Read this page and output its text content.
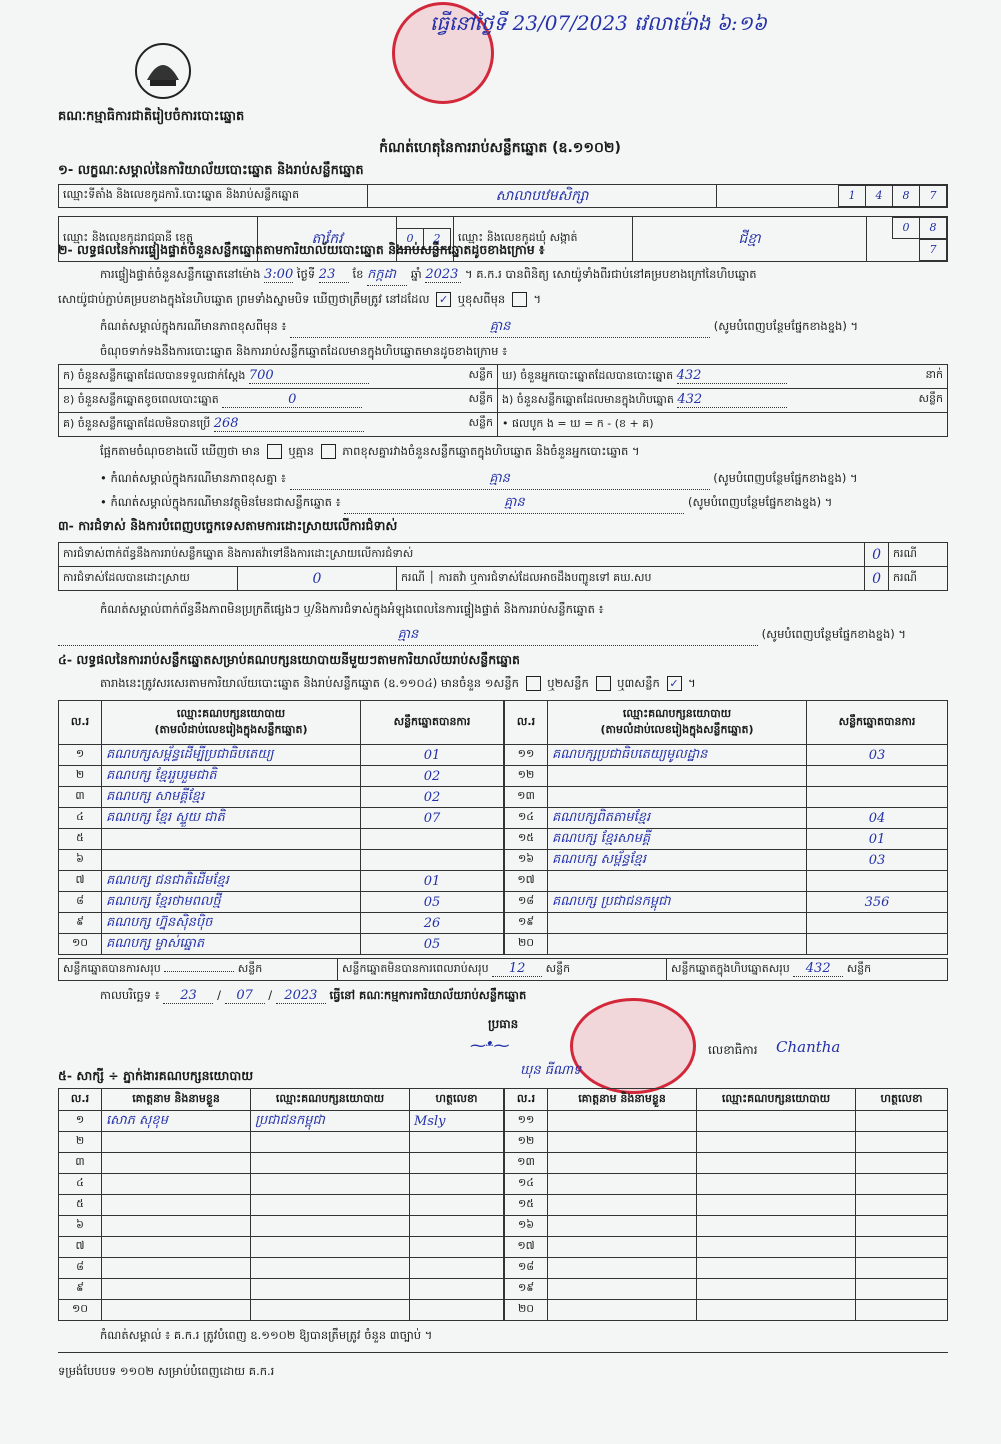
ធ្វើនៅថ្ងៃទី 23/07/2023 វេលាម៉ោង ៦:១៦
គណៈកម្មាធិការជាតិរៀបចំការបោះឆ្នោត
កំណត់ហេតុនៃការរាប់សន្លឹកឆ្នោត (ឧ.១១០២)
១- លក្ខណៈសម្គាល់នៃការិយាល័យបោះឆ្នោត និងរាប់សន្លឹកឆ្នោត
ឈ្មោះទីតាំង និងលេខកូដការិ.បោះឆ្នោត និងរាប់សន្លឹកឆ្នោត	សាលាបឋមសិក្សា	1 4 8 7
ឈ្មោះ និងលេខកូដរាជធានី ខេត្ត	តាកែវ	0 2	ឈ្មោះ និងលេខកូដឃុំ សង្កាត់	ជីខ្មា	0 87
២- លទ្ធផលនៃការផ្ទៀងផ្ទាត់ចំនួនសន្លឹកឆ្នោតតាមការិយាល័យបោះឆ្នោត និងរាប់សន្លឹកឆ្នោតដូចខាងក្រោម ៖
ការផ្ទៀងផ្ទាត់ចំនួនសន្លឹកឆ្នោតនៅម៉ោង 3:00 ថ្ងៃទី 23 ខែ កក្កដា ឆ្នាំ 2023 ។ គ.ក.រ បានពិនិត្យ សោយ៉ូទាំងពីរជាប់នៅគម្របខាងក្រៅនៃហិបឆ្នោត
សោយ៉ូជាប់ភ្ជាប់គម្របខាងក្នុងនៃហិបឆ្នោត ព្រមទាំងស្នាមបិទ ឃើញថាត្រឹមត្រូវ នៅដដែល ✓ ឬខុសពីមុន  ។
កំណត់សម្គាល់ក្នុងករណីមានភាពខុសពីមុន ៖	គ្មាន	(សូមបំពេញបន្ថែមផ្នែកខាងខ្នង) ។
ចំណុចទាក់ទងនឹងការបោះឆ្នោត និងការរាប់សន្លឹកឆ្នោតដែលមានក្នុងហិបឆ្នោតមានដូចខាងក្រោម ៖
ក) ចំនួនសន្លឹកឆ្នោតដែលបានទទួលជាក់ស្តែង 700 សន្លឹក	ឃ) ចំនួនអ្នកបោះឆ្នោតដែលបានបោះឆ្នោត 432 នាក់

ខ) ចំនួនសន្លឹកឆ្នោតខូចពេលបោះឆ្នោត 0 សន្លឹក	ង) ចំនួនសន្លឹកឆ្នោតដែលមានក្នុងហិបឆ្នោត 432 សន្លឹក

គ) ចំនួនសន្លឹកឆ្នោតដែលមិនបានប្រើ 268 សន្លឹក	• ផលបូក ង = ឃ = ក - (ខ + គ)
ផ្អែកតាមចំណុចខាងលើ ឃើញថា មាន ឬគ្មាន ភាពខុសគ្នារវាងចំនួនសន្លឹកឆ្នោតក្នុងហិបឆ្នោត និងចំនួនអ្នកបោះឆ្នោត ។
• កំណត់សម្គាល់ក្នុងករណីមានភាពខុសគ្នា ៖	គ្មាន	(សូមបំពេញបន្ថែមផ្នែកខាងខ្នង) ។
• កំណត់សម្គាល់ក្នុងករណីមានវត្ថុមិនមែនជាសន្លឹកឆ្នោត ៖	គ្មាន	(សូមបំពេញបន្ថែមផ្នែកខាងខ្នង) ។
៣- ការជំទាស់ និងការបំពេញបច្ចេកទេសតាមការដោះស្រាយលើការជំទាស់
ការជំទាស់ពាក់ព័ន្ធនឹងការរាប់សន្លឹកឆ្នោត និងការតវ៉ាទៅនឹងការដោះស្រាយលើការជំទាស់			0	ករណី
ការជំទាស់ដែលបានដោះស្រាយ	0	ករណី │ ការតវ៉ា ឬការជំទាស់ដែលអាចដឹងបញ្ជូនទៅ គឃ.សប	0	ករណី
កំណត់សម្គាល់ពាក់ព័ន្ធនឹងភាពមិនប្រក្រតីផ្សេងៗ ឬ/និងការជំទាស់ក្នុងអំឡុងពេលនៃការផ្ទៀងផ្ទាត់ និងការរាប់សន្លឹកឆ្នោត ៖
គ្មាន	(សូមបំពេញបន្ថែមផ្នែកខាងខ្នង) ។
៤- លទ្ធផលនៃការរាប់សន្លឹកឆ្នោតសម្រាប់គណបក្សនយោបាយនីមួយៗតាមការិយាល័យរាប់សន្លឹកឆ្នោត
តារាងនេះត្រូវសរសេរតាមការិយាល័យបោះឆ្នោត និងរាប់សន្លឹកឆ្នោត (ឧ.១១០៤) មានចំនួន ១សន្លឹក ឬ២សន្លឹក ឬ៣សន្លឹក ✓ ។
ល.រ	ឈ្មោះគណបក្សនយោបាយ
(តាមលំដាប់លេខរៀងក្នុងសន្លឹកឆ្នោត)	សន្លឹកឆ្នោតបានការ
១	គណបក្សសម្ព័ន្ធដើម្បីប្រជាធិបតេយ្យ	01
២	គណបក្ស ខ្មែររួបរួមជាតិ	02
៣	គណបក្ស សាមគ្គីខ្មែរ	02
៤	គណបក្ស ខ្មែរ ស្ទួយ ជាតិ	07
៥		
៦		
៧	គណបក្ស ជនជាតិដើមខ្មែរ	01
៨	គណបក្ស ខ្មែរថាមពលថ្មី	05
៩	គណបក្ស ហ្វ៊ុនស៊ិនប៉ិច	26
១០	គណបក្ស ម្ចាស់ឆ្នោត	05
ល.រ	ឈ្មោះគណបក្សនយោបាយ
(តាមលំដាប់លេខរៀងក្នុងសន្លឹកឆ្នោត)	សន្លឹកឆ្នោតបានការ
១១	គណបក្សប្រជាធិបតេយ្យមូលដ្ឋាន	03
១២		
១៣		
១៤	គណបក្សពិតតាមខ្មែរ	04
១៥	គណបក្ស ខ្មែរសាមគ្គី	01
១៦	គណបក្ស សម្ព័ន្ធខ្មែរ	03
១៧		
១៨	គណបក្ស ប្រជាជនកម្ពុជា	356
១៩		
២០		
សន្លឹកឆ្នោតបានការសរុប	សន្លឹក	សន្លឹកឆ្នោតមិនបានការពេលរាប់សរុប 12 សន្លឹក	សន្លឹកឆ្នោតក្នុងហិបឆ្នោតសរុប 432 សន្លឹក
កាលបរិច្ឆេទ ៖ 23 / 07 / 2023 ធ្វើនៅ គណៈកម្មការការិយាល័យរាប់សន្លឹកឆ្នោត
ប្រធាន
⁓ᵜ⁓
ឃុន ធីណាទ
លេខាធិការ Chantha
៥- សាក្សី ÷ ភ្នាក់ងារគណបក្សនយោបាយ
ល.រ	គោត្តនាម និងនាមខ្លួន	ឈ្មោះគណបក្សនយោបាយ	ហត្ថលេខា
១	សោភ សុខុម	ប្រជាជនកម្ពុជា	Msly
២			
៣			
៤			
៥			
៦			
៧			
៨			
៩			
១០			
ល.រ	គោត្តនាម និងនាមខ្លួន	ឈ្មោះគណបក្សនយោបាយ	ហត្ថលេខា
១១			
១២			
១៣			
១៤			
១៥			
១៦			
១៧			
១៨			
១៩			
២០			
កំណត់សម្គាល់ ៖ គ.ក.រ ត្រូវបំពេញ ឧ.១១០២ ឱ្យបានត្រឹមត្រូវ ចំនួន ៣ច្បាប់ ។
ទម្រង់បែបបទ ១១០២ សម្រាប់បំពេញដោយ គ.ក.រ
